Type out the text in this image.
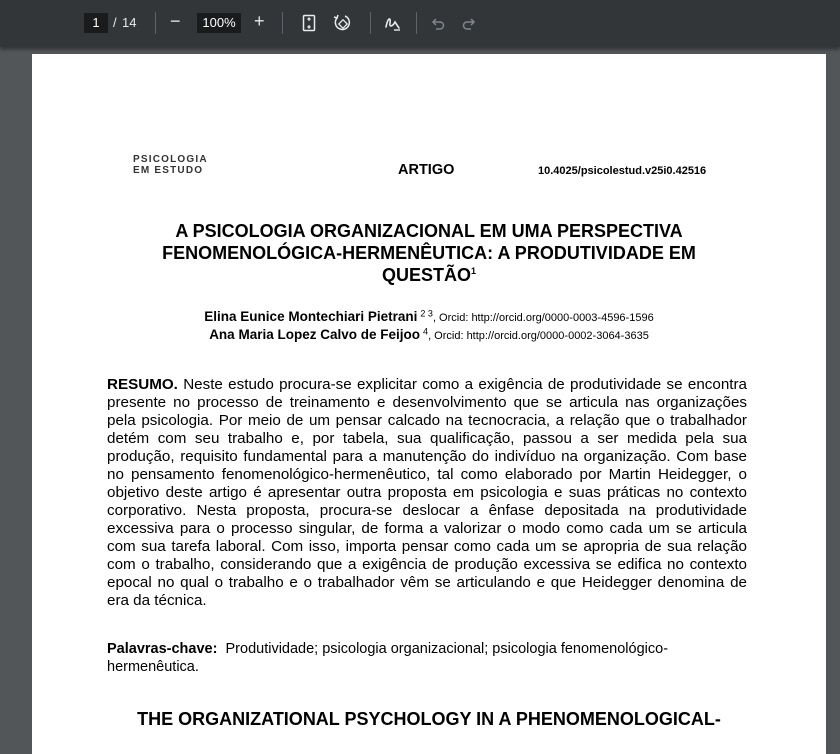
1	/ 14 −	100% +
PSICOLOGIA
EM ESTUDO	ARTIGO	10.4025/psicolestud.v25i0.42516
A PSICOLOGIA ORGANIZACIONAL EM UMA PERSPECTIVA
FENOMENOLÓGICA-HERMENÊUTICA: A PRODUTIVIDADE EM
QUESTÃO$^1$
Elina Eunice Montechiari Pietrani $^{2 3}$, Orcid: http://orcid.org/0000-0003-4596-1596
Ana Maria Lopez Calvo de Feijoo $^4$, Orcid: http://orcid.org/0000-0002-3064-3635
RESUMO. Neste estudo procura-se explicitar como a exigência de produtividade se encontra presente no processo de treinamento e desenvolvimento que se articula nas organizações pela psicologia. Por meio de um pensar calcado na tecnocracia, a relação que o trabalhador detém com seu trabalho e, por tabela, sua qualificação, passou a ser medida pela sua produção, requisito fundamental para a manutenção do indivíduo na organização. Com base no pensamento fenomenológico-hermenêutico, tal como elaborado por Martin Heidegger, o objetivo deste artigo é apresentar outra proposta em psicologia e suas práticas no contexto corporativo. Nesta proposta, procura-se deslocar a ênfase depositada na produtividade excessiva para o processo singular, de forma a valorizar o modo como cada um se articula com sua tarefa laboral. Com isso, importa pensar como cada um se apropria de sua relação com o trabalho, considerando que a exigência de produção excessiva se edifica no contexto epocal no qual o trabalho e o trabalhador vêm se articulando e que Heidegger denomina de era da técnica.
Palavras-chave: Produtividade; psicologia organizacional; psicologia fenomenológico-hermenêutica.
THE ORGANIZATIONAL PSYCHOLOGY IN A PHENOMENOLOGICAL-
